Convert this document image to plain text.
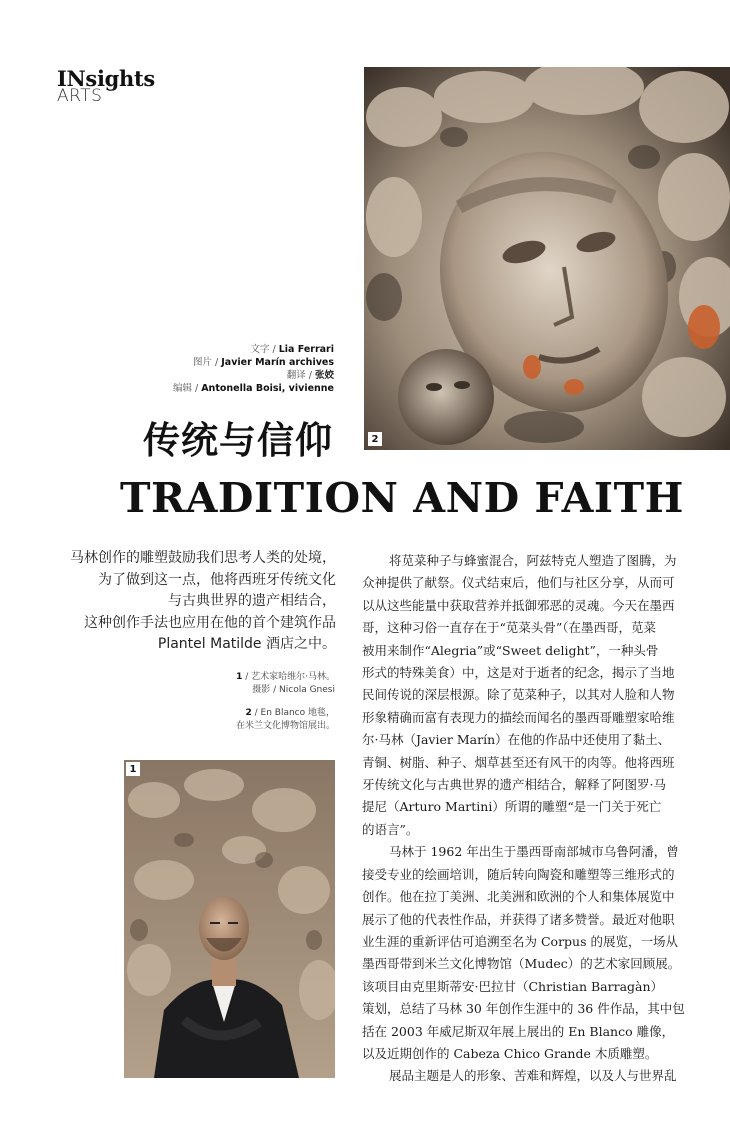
INsights
ARTS
2
文字 / Lia Ferrari
图片 / Javier Marín archives
翻译 / 张姣
编辑 / Antonella Boisi, vivienne
传统与信仰
TRADITION AND FAITH
马林创作的雕塑鼓励我们思考人类的处境，
为了做到这一点，他将西班牙传统文化
与古典世界的遗产相结合，
这种创作手法也应用在他的首个建筑作品
Plantel Matilde 酒店之中。
1 / 艺术家哈维尔·马林。
摄影 / Nicola Gnesi
2 / En Blanco 地毯，
在米兰文化博物馆展出。
1
将苋菜种子与蜂蜜混合，阿兹特克人塑造了图腾，为
众神提供了献祭。仪式结束后，他们与社区分享，从而可
以从这些能量中获取营养并抵御邪恶的灵魂。今天在墨西
哥，这种习俗一直存在于“苋菜头骨”（在墨西哥，苋菜
被用来制作“Alegria”或“Sweet delight”，一种头骨
形式的特殊美食）中，这是对于逝者的纪念，揭示了当地
民间传说的深层根源。除了苋菜种子，以其对人脸和人物
形象精确而富有表现力的描绘而闻名的墨西哥雕塑家哈维
尔·马林（Javier Marín）在他的作品中还使用了黏土、
青铜、树脂、种子、烟草甚至还有风干的肉等。他将西班
牙传统文化与古典世界的遗产相结合，解释了阿图罗·马
提尼（Arturo Martini）所谓的雕塑“是一门关于死亡
的语言”。
马林于 1962 年出生于墨西哥南部城市乌鲁阿潘，曾
接受专业的绘画培训，随后转向陶瓷和雕塑等三维形式的
创作。他在拉丁美洲、北美洲和欧洲的个人和集体展览中
展示了他的代表性作品，并获得了诸多赞誉。最近对他职
业生涯的重新评估可追溯至名为 Corpus 的展览，一场从
墨西哥带到米兰文化博物馆（Mudec）的艺术家回顾展。
该项目由克里斯蒂安·巴拉甘（Christian Barragàn）
策划，总结了马林 30 年创作生涯中的 36 件作品，其中包
括在 2003 年威尼斯双年展上展出的 En Blanco 雕像，
以及近期创作的 Cabeza Chico Grande 木质雕塑。
展品主题是人的形象、苦难和辉煌，以及人与世界乱
